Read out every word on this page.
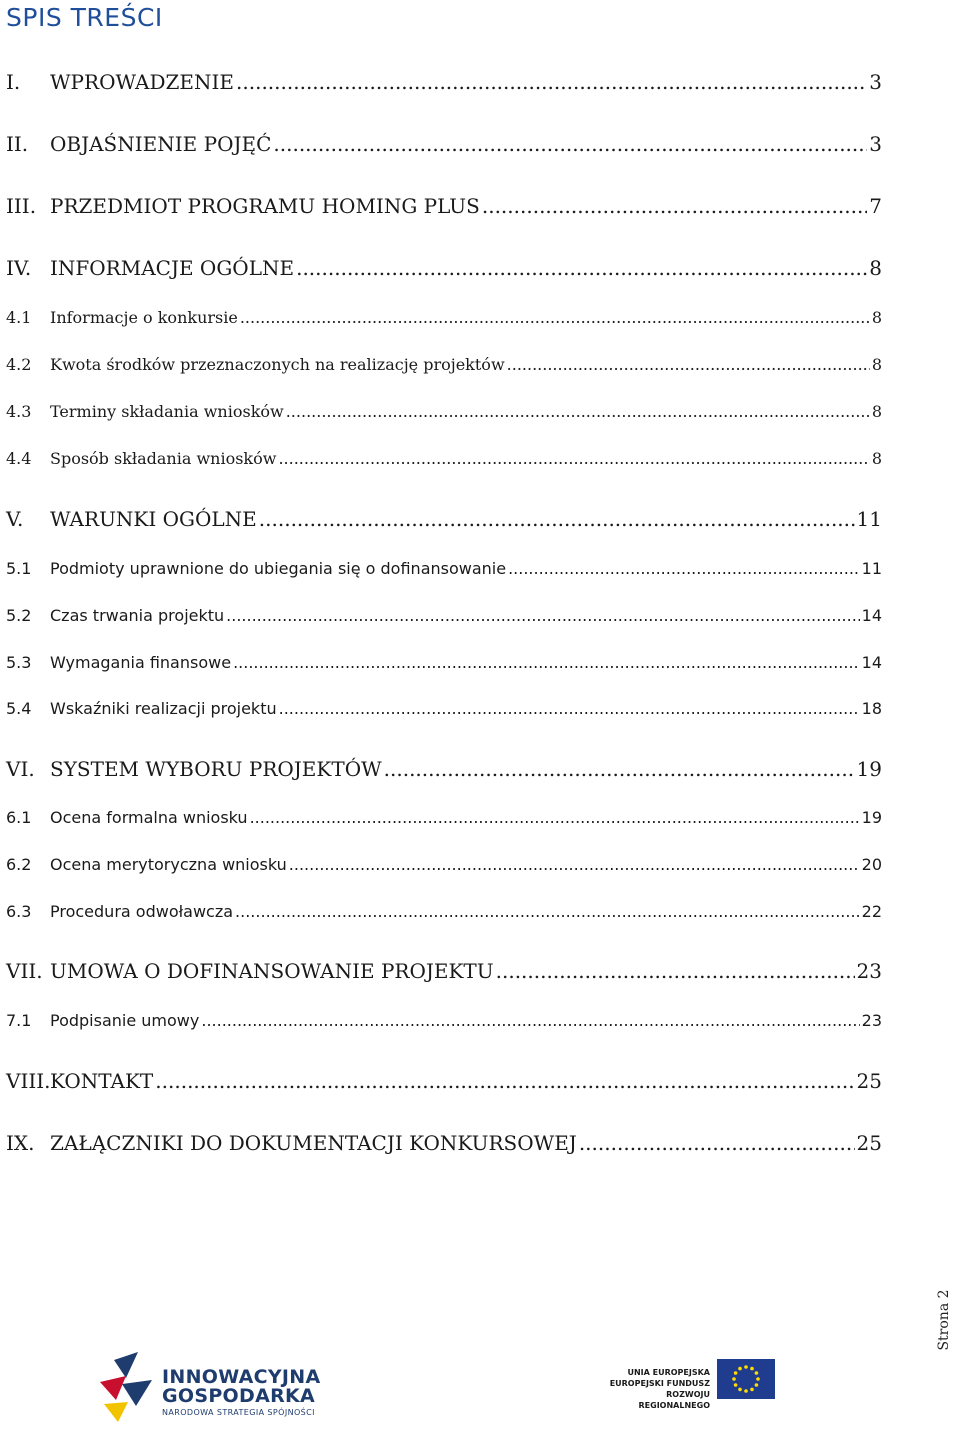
SPIS TREŚCI
I.	WPROWADZENIE .....	3
II.	OBJAŚNIENIE POJĘĆ .....	3
III. PRZEDMIOT PROGRAMU HOMING PLUS .....	7
IV. INFORMACJE OGÓLNE .....	8
4.1	Informacje o konkursie .....	8
4.2	Kwota środków przeznaczonych na realizację projektów .....	8
4.3	Terminy składania wniosków .....	8
4.4	Sposób składania wniosków .....	8
V.	WARUNKI OGÓLNE .....	11
5.1	Podmioty uprawnione do ubiegania się o dofinansowanie .....	11
5.2	Czas trwania projektu .....	14
5.3	Wymagania finansowe .....	14
5.4	Wskaźniki realizacji projektu .....	18
VI. SYSTEM WYBORU PROJEKTÓW .....	19
6.1	Ocena formalna wniosku .....	19
6.2	Ocena merytoryczna wniosku .....	20
6.3	Procedura odwoławcza .....	22
VII. UMOWA O DOFINANSOWANIE PROJEKTU .....	23
7.1	Podpisanie umowy .....	23
VIII. KONTAKT .....	25
IX. ZAŁĄCZNIKI DO DOKUMENTACJI KONKURSOWEJ .....	25
Strona 2
INNOWACYJNA
GOSPODARKA
NARODOWA STRATEGIA SPÓJNOŚCI
UNIA EUROPEJSKA
EUROPEJSKI FUNDUSZ
ROZWOJU REGIONALNEGO
